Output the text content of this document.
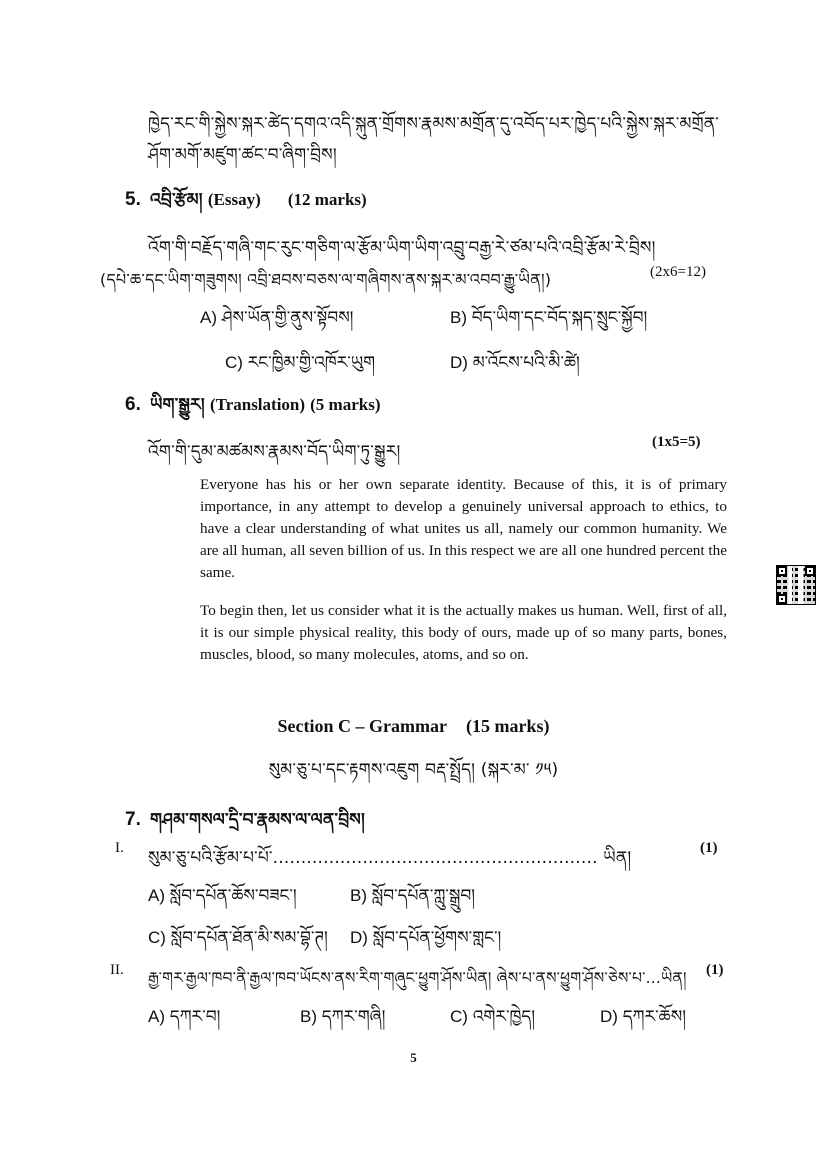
ཁྱེད་རང་གི་སྐྱེས་སྐར་ཚེད་དགའ་འདི་སྐུན་གྲོགས་རྣམས་མགྲོན་དུ་འབོད་པར་ཁྱེད་པའི་སྐྱེས་སྐར་མགྲོན་
ཤོག་མགོ་མཛུག་ཚང་བ་ཞིག་བྲིས།
5. འབྲི་རྩོམ། (Essay) (12 marks)
འོག་གི་བརྗོད་གཞི་གང་རུང་གཅིག་ལ་རྩོམ་ཡིག་ཡིག་འབྲུ་བརྒྱ་རེ་ཙམ་པའི་འབྲི་རྩོམ་རེ་བྲིས།
(དཔེ་ཆ་དང་ཡིག་གཟུགས། འབྲི་ཐབས་བཅས་ལ་གཞིགས་ནས་སྐར་མ་འབབ་རྒྱུ་ཡིན།)	(2x6=12)
A) ཤེས་ཡོན་གྱི་ནུས་སྟོབས།	B) བོད་ཡིག་དང་བོད་སྐད་སྲུང་སྐྱོབ།
C) རང་ཁྱིམ་གྱི་འཁོར་ཡུག	D) མ་འོངས་པའི་མི་ཚེ།
6. ཡིག་སྒྱུར། (Translation) (5 marks)
འོག་གི་དུམ་མཚམས་རྣམས་བོད་ཡིག་ཏུ་སྒྱུར།	(1x5=5)
Everyone has his or her own separate identity. Because of this, it is of primary importance, in any attempt to develop a genuinely universal approach to ethics, to have a clear understanding of what unites us all, namely our common humanity. We are all human, all seven billion of us. In this respect we are all one hundred percent the same.
To begin then, let us consider what it is the actually makes us human. Well, first of all, it is our simple physical reality, this body of ours, made up of so many parts, bones, muscles, blood, so many molecules, atoms, and so on.
Section C – Grammar (15 marks)
སུམ་ཅུ་པ་དང་རྟགས་འཇུག བརྡ་སྤྲོད། (སྐར་མ་ ༡༥)
7. གཤམ་གསལ་དྲི་བ་རྣམས་ལ་ལན་བྲིས།
I. སུམ་ཅུ་པའི་རྩོམ་པ་པོ་.......................................................... ཡིན།	(1)
A) སློབ་དཔོན་ཆོས་བཟང་།	B) སློབ་དཔོན་ཀླུ་སྒྲུབ།
C) སློབ་དཔོན་ཐོན་མི་སམ་བྷོ་ཊ། D) སློབ་དཔོན་ཕྱོགས་གླང་།
II. རྒྱ་གར་རྒྱལ་ཁབ་ནི་རྒྱལ་ཁབ་ཡོངས་ནས་རིག་གཞུང་ཕྱུག་ཤོས་ཡིན། ཞེས་པ་ནས་ཕྱུག་ཤོས་ཅེས་པ་...ཡིན། (1)
A) དཀར་བ།	B) དཀར་གཞི།	C) འགེར་ཁྱེད།	D) དཀར་ཆོས།
5
